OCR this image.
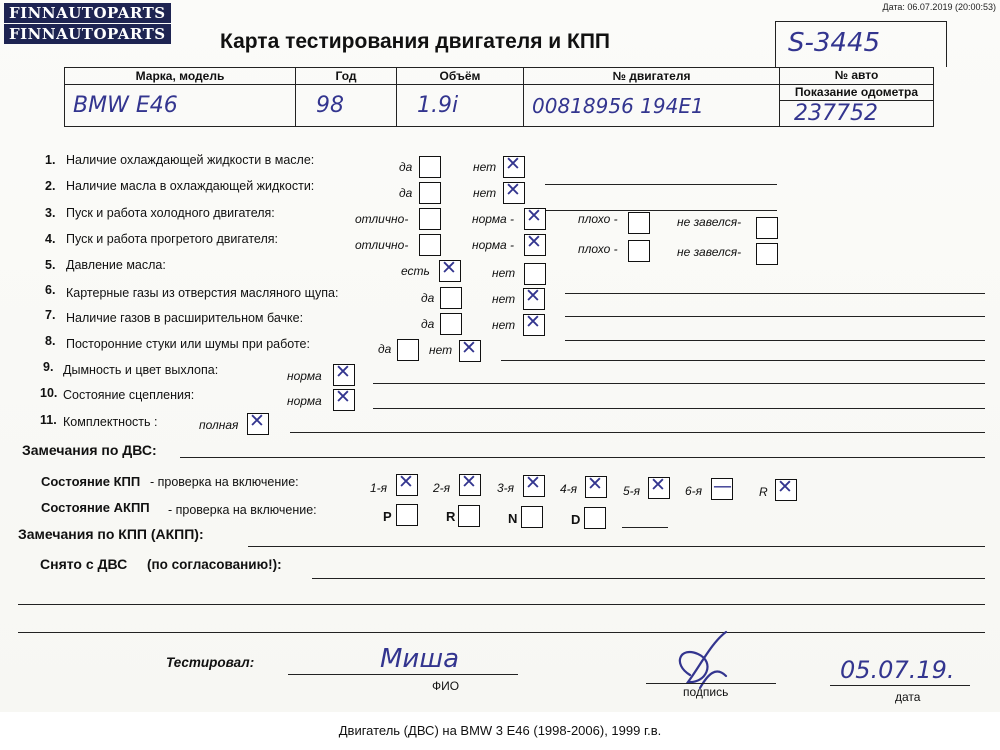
FINNAUTOPARTS
FINNAUTOPARTS
Дата: 06.07.2019 (20:00:53)
Карта тестирования двигателя и КПП	S-3445
Марка, модель	Год	Объём	№ двигателя	№ авто
BMW E46	98	1.9i	00818956 194E1	Показание одометра
237752
1. Наличие охлаждающей жидкости в масле:	да	нет ✕
2. Наличие масла в охлаждающей жидкости:	да	нет ✕
3. Пуск и работа холодного двигателя:	отлично-	норма - ✕	плохо -	не завелся-
4. Пуск и работа прогретого двигателя:	отлично-	норма - ✕	плохо -	не завелся-
5. Давление масла:	есть ✕	нет
6. Картерные газы из отверстия масляного щупа:	да	нет ✕
7. Наличие газов в расширительном бачке:	да	нет ✕
8. Посторонние стуки или шумы при работе:	да	нет ✕
9. Дымность и цвет выхлопа:	норма ✕
10. Состояние сцепления:	норма ✕
11. Комплектность :	полная ✕
Замечания по ДВС:
Состояние КПП - проверка на включение:	1-я ✕ 2-я ✕ 3-я ✕ 4-я ✕ 5-я ✕ 6-я — R ✕
Состояние АКПП - проверка на включение:	P	R	N	D
Замечания по КПП (АКПП):
Снято с ДВС (по согласованию!):
Тестировал:	Миша
ФИО	подпись
05.07.19.
дата
Двигатель (ДВС) на BMW 3 E46 (1998-2006), 1999 г.в.
